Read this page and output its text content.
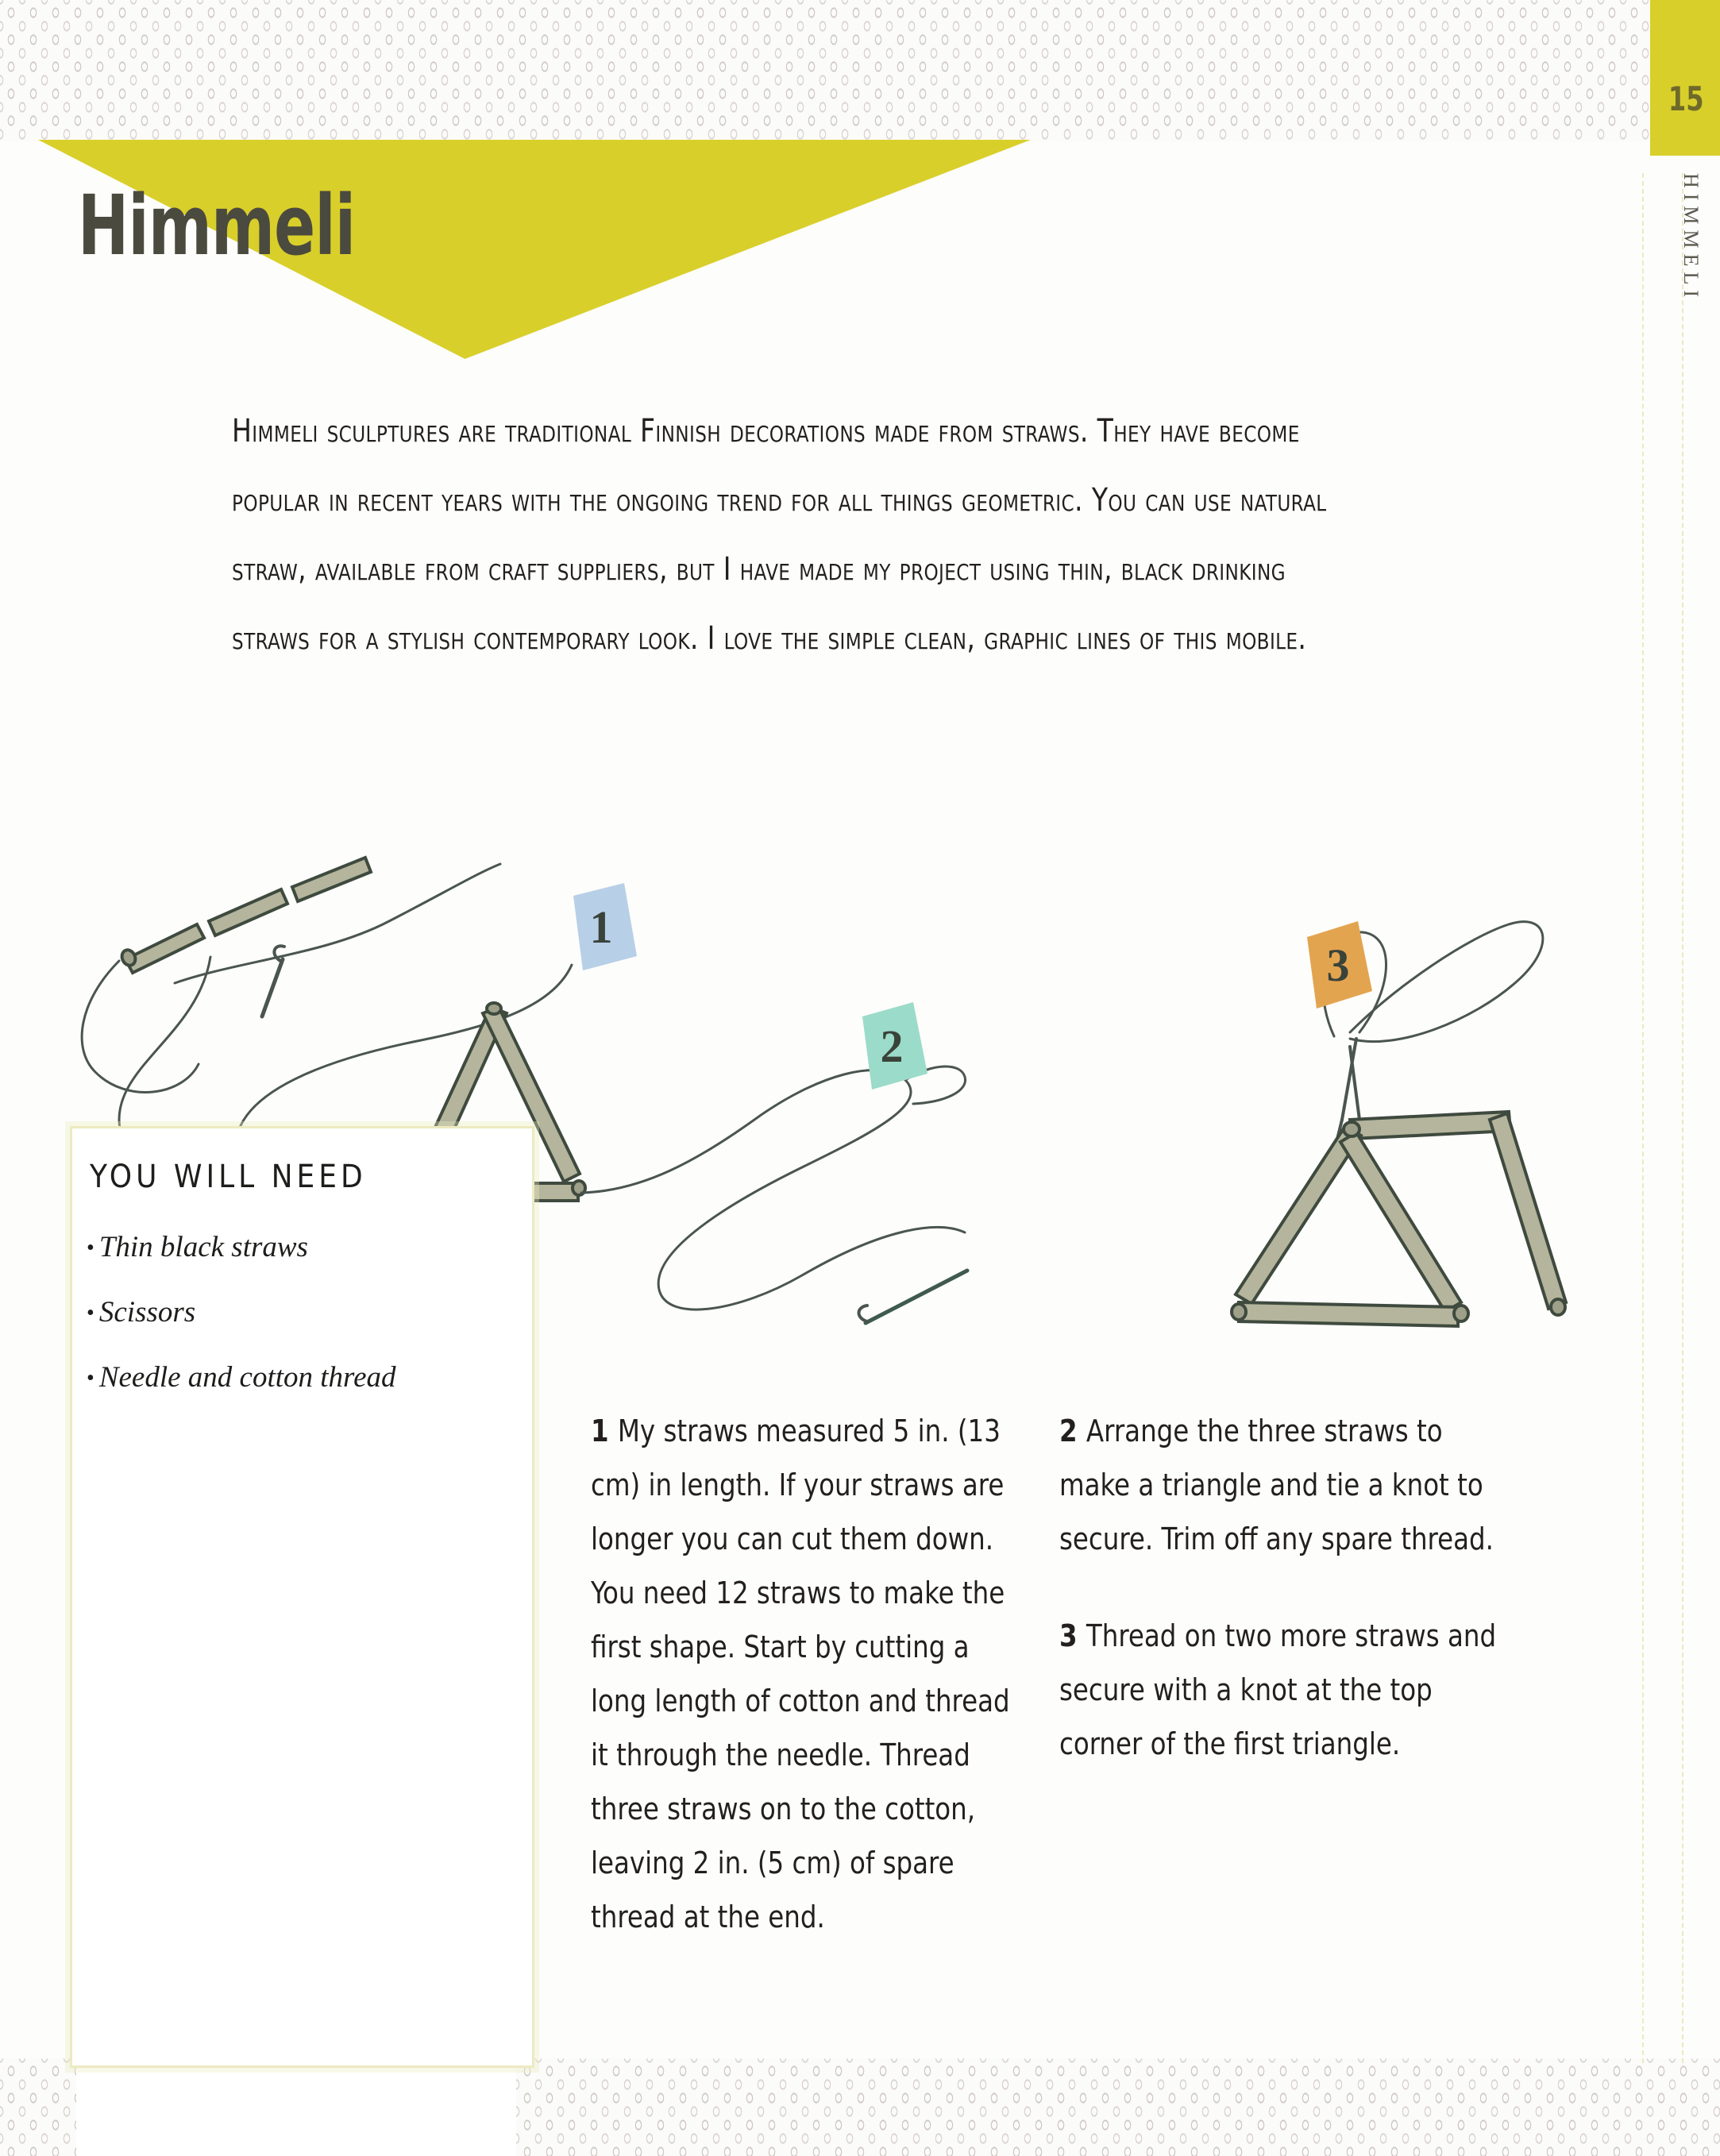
15
HIMMELI
Himmeli
Himmeli sculptures are traditional Finnish decorations made from straws. They have become popular in recent years with the ongoing trend for all things geometric. You can use natural straw, available from craft suppliers, but I have made my project using thin, black drinking straws for a stylish contemporary look. I love the simple clean, graphic lines of this mobile.
1
2
3
YOU WILL NEED
• Thin black straws
• Scissors
• Needle and cotton thread

1 My straws measured 5 in. (13 cm) in length. If your straws are longer you can cut them down. You need 12 straws to make the first shape. Start by cutting a long length of cotton and thread it through the needle. Thread three straws on to the cotton, leaving 2 in. (5 cm) of spare thread at the end.

2 Arrange the three straws to make a triangle and tie a knot to secure. Trim off any spare thread.

3 Thread on two more straws and secure with a knot at the top corner of the first triangle.
